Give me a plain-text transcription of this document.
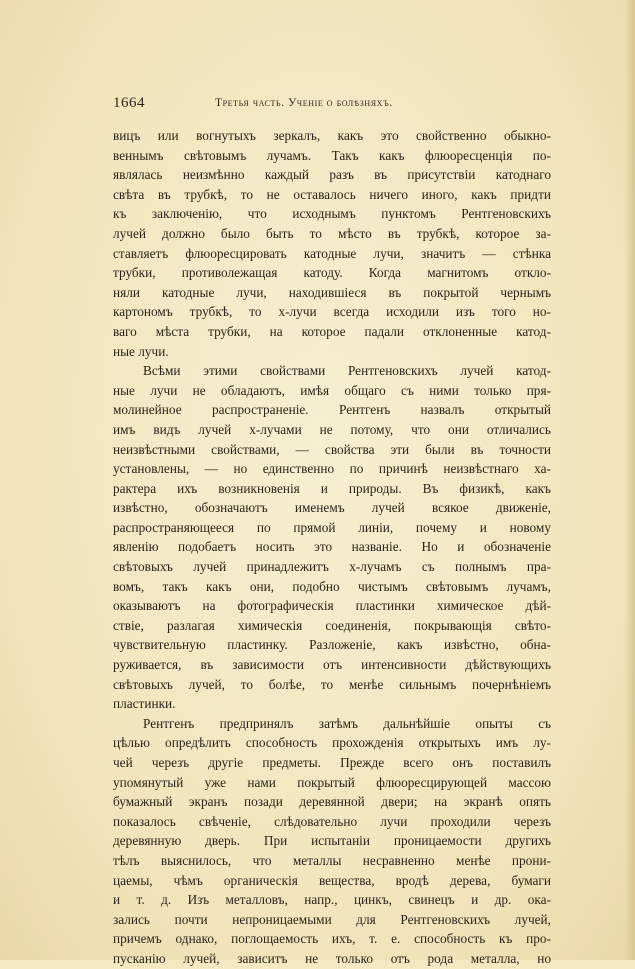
1664	Третья часть. Ученіе о болѣзняхъ.
вицъ или вогнутыхъ зеркалъ, какъ это свойственно обыкно-
веннымъ свѣтовымъ лучамъ. Такъ какъ флюоресценція по-
являлась неизмѣнно каждый разъ въ присутствіи катоднаго
свѣта въ трубкѣ, то не оставалось ничего иного, какъ придти
къ заключенію, что исходнымъ пунктомъ Рентгеновскихъ
лучей должно было быть то мѣсто въ трубкѣ, которое за-
ставляетъ флюоресцировать катодные лучи, значитъ — стѣнка
трубки, противолежащая катоду. Когда магнитомъ откло-
няли катодные лучи, находившіеся въ покрытой чернымъ
картономъ трубкѣ, то х-лучи всегда исходили изъ того но-
ваго мѣста трубки, на которое падали отклоненные катод-
ные лучи.
Всѣми этими свойствами Рентгеновскихъ лучей катод-
ные лучи не обладаютъ, имѣя общаго съ ними только пря-
молинейное распространеніе. Рентгенъ назвалъ открытый
имъ видъ лучей х-лучами не потому, что они отличались
неизвѣстными свойствами, — свойства эти были въ точности
установлены, — но единственно по причинѣ неизвѣстнаго ха-
рактера ихъ возникновенія и природы. Въ физикѣ, какъ
извѣстно, обозначаютъ именемъ лучей всякое движеніе,
распространяющееся по прямой линіи, почему и новому
явленію подобаетъ носить это названіе. Но и обозначеніе
свѣтовыхъ лучей принадлежитъ х-лучамъ съ полнымъ пра-
вомъ, такъ какъ они, подобно чистымъ свѣтовымъ лучамъ,
оказываютъ на фотографическія пластинки химическое дѣй-
ствіе, разлагая химическія соединенія, покрывающія свѣто-
чувствительную пластинку. Разложеніе, какъ извѣстно, обна-
руживается, въ зависимости отъ интенсивности дѣйствующихъ
свѣтовыхъ лучей, то болѣе, то менѣе сильнымъ почернѣніемъ
пластинки.
Рентгенъ предпринялъ затѣмъ дальнѣйшіе опыты съ
цѣлью опредѣлить способность прохожденія открытыхъ имъ лу-
чей черезъ другіе предметы. Прежде всего онъ поставилъ
упомянутый уже нами покрытый флюоресцирующей массою
бумажный экранъ позади деревянной двери; на экранѣ опять
показалось свѣченіе, слѣдовательно лучи проходили черезъ
деревянную дверь. При испытаніи проницаемости другихъ
тѣлъ выяснилось, что металлы несравненно менѣе прони-
цаемы, чѣмъ органическія вещества, вродѣ дерева, бумаги
и т. д. Изъ металловъ, напр., цинкъ, свинецъ и др. ока-
зались почти непроницаемыми для Рентгеновскихъ лучей,
причемъ однако, поглощаемость ихъ, т. е. способность къ про-
пусканію лучей, зависитъ не только отъ рода металла, но
